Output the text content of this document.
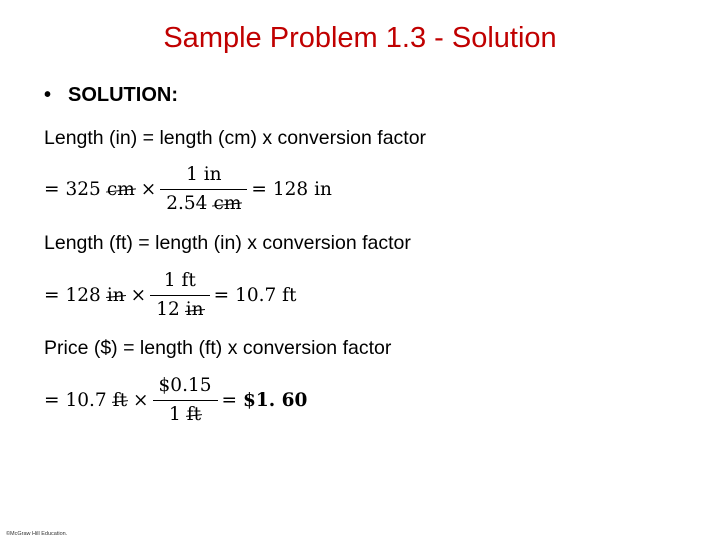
Sample Problem 1.3 - Solution
• SOLUTION:
Length (in) = length (cm) x conversion factor
= 325 cm × $\frac{1 in}{2.54 cm} = 128$ in
Length (ft) = length (in) x conversion factor
= 128 in × $\frac{1 ft}{12 in} = 10.7$ ft
Price ($) = length (ft) x conversion factor
= 10.7 ft × $\frac{\$0.15}{1 ft}$ = $1. 60
©McGraw Hill Education.
